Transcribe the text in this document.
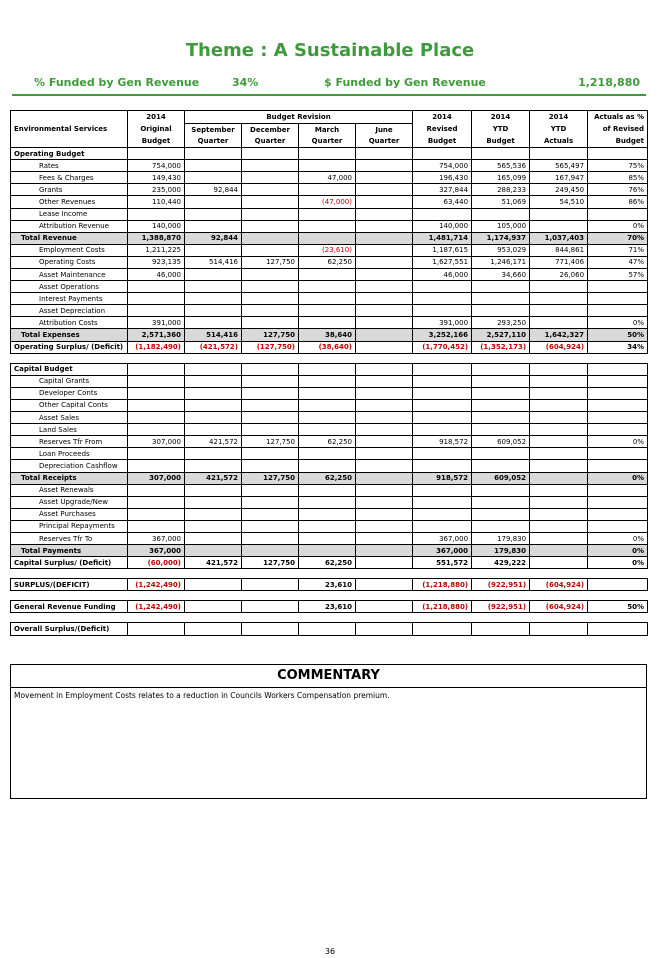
Theme : A Sustainable Place
% Funded by Gen Revenue	34%	$ Funded by Gen Revenue	1,218,880
	2014	Budget Revision				2014	2014	2014	Actuals as %
Environmental Services	Original	September	December	March	June	Revised	YTD	YTD	of Revised
	Budget	Quarter	Quarter	Quarter	Quarter	Budget	Budget	Actuals	Budget
Operating Budget									
Rates	754,000					754,000	565,536	565,497	75%
Fees & Charges	149,430			47,000		196,430	165,099	167,947	85%
Grants	235,000	92,844				327,844	288,233	249,450	76%
Other Revenues	110,440			(47,000)		63,440	51,069	54,510	86%
Lease Income									
Attribution Revenue	140,000					140,000	105,000		0%
Total Revenue	1,388,870	92,844				1,481,714	1,174,937	1,037,403	70%
Employment Costs	1,211,225			(23,610)		1,187,615	953,029	844,861	71%
Operating Costs	923,135	514,416	127,750	62,250		1,627,551	1,246,171	771,406	47%
Asset Maintenance	46,000					46,000	34,660	26,060	57%
Asset Operations									
Interest Payments									
Asset Depreciation									
Attribution Costs	391,000					391,000	293,250		0%
Total Expenses	2,571,360	514,416	127,750	38,640		3,252,166	2,527,110	1,642,327	50%
Operating Surplus/ (Deficit)	(1,182,490)	(421,572)	(127,750)	(38,640)		(1,770,452)	(1,352,173)	(604,924)	34%

Capital Budget									
Capital Grants									
Developer Conts									
Other Capital Conts									
Asset Sales									
Land Sales									
Reserves Tfr From	307,000	421,572	127,750	62,250		918,572	609,052		0%
Loan Proceeds									
Depreciation Cashflow									
Total Receipts	307,000	421,572	127,750	62,250		918,572	609,052		0%
Asset Renewals									
Asset Upgrade/New									
Asset Purchases									
Principal Repayments									
Reserves Tfr To	367,000					367,000	179,830		0%
Total Payments	367,000					367,000	179,830		0%
Capital Surplus/ (Deficit)	(60,000)	421,572	127,750	62,250		551,572	429,222		0%

SURPLUS/(DEFICIT)	(1,242,490)			23,610		(1,218,880)	(922,951)	(604,924)	

General Revenue Funding	(1,242,490)			23,610		(1,218,880)	(922,951)	(604,924)	50%

Overall Surplus/(Deficit)									
COMMENTARY
Movement in Employment Costs relates to a reduction in Councils Workers Compensation premium.
36
